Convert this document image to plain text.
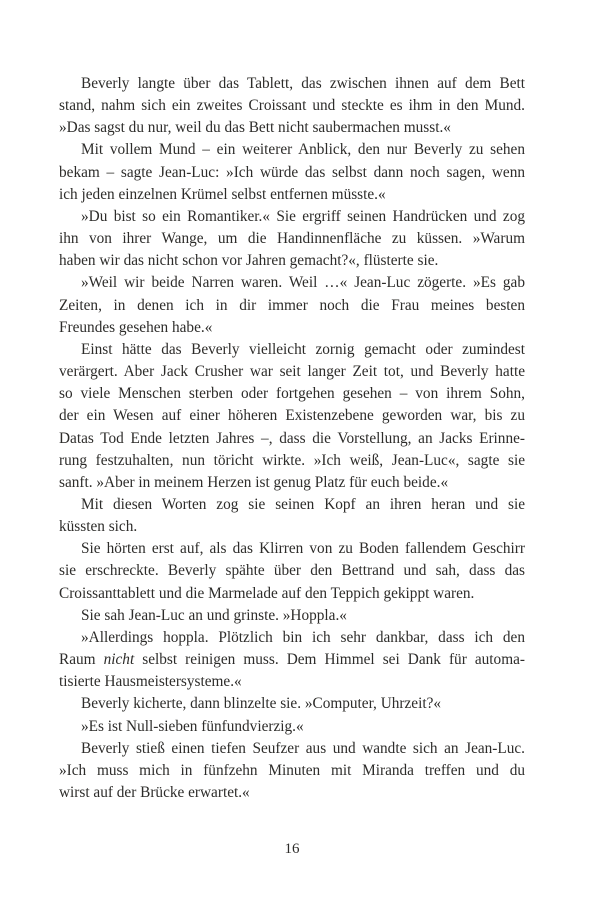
Beverly langte über das Tablett, das zwischen ihnen auf dem Bett
stand, nahm sich ein zweites Croissant und steckte es ihm in den Mund.
»Das sagst du nur, weil du das Bett nicht saubermachen musst.«
Mit vollem Mund – ein weiterer Anblick, den nur Beverly zu sehen
bekam – sagte Jean-Luc: »Ich würde das selbst dann noch sagen, wenn
ich jeden einzelnen Krümel selbst entfernen müsste.«
»Du bist so ein Romantiker.« Sie ergriff seinen Handrücken und zog
ihn von ihrer Wange, um die Handinnenfläche zu küssen. »Warum
haben wir das nicht schon vor Jahren gemacht?«, flüsterte sie.
»Weil wir beide Narren waren. Weil …« Jean-Luc zögerte. »Es gab
Zeiten, in denen ich in dir immer noch die Frau meines besten
Freundes gesehen habe.«
Einst hätte das Beverly vielleicht zornig gemacht oder zumindest
verärgert. Aber Jack Crusher war seit langer Zeit tot, und Beverly hatte
so viele Menschen sterben oder fortgehen gesehen – von ihrem Sohn,
der ein Wesen auf einer höheren Existenzebene geworden war, bis zu
Datas Tod Ende letzten Jahres –, dass die Vorstellung, an Jacks Erinne-
rung festzuhalten, nun töricht wirkte. »Ich weiß, Jean-Luc«, sagte sie
sanft. »Aber in meinem Herzen ist genug Platz für euch beide.«
Mit diesen Worten zog sie seinen Kopf an ihren heran und sie
küssten sich.
Sie hörten erst auf, als das Klirren von zu Boden fallendem Geschirr
sie erschreckte. Beverly spähte über den Bettrand und sah, dass das
Croissanttablett und die Marmelade auf den Teppich gekippt waren.
Sie sah Jean-Luc an und grinste. »Hoppla.«
»Allerdings hoppla. Plötzlich bin ich sehr dankbar, dass ich den
Raum nicht selbst reinigen muss. Dem Himmel sei Dank für automa-
tisierte Hausmeistersysteme.«
Beverly kicherte, dann blinzelte sie. »Computer, Uhrzeit?«
»Es ist Null-sieben fünfundvierzig.«
Beverly stieß einen tiefen Seufzer aus und wandte sich an Jean-Luc.
»Ich muss mich in fünfzehn Minuten mit Miranda treffen und du
wirst auf der Brücke erwartet.«
16
